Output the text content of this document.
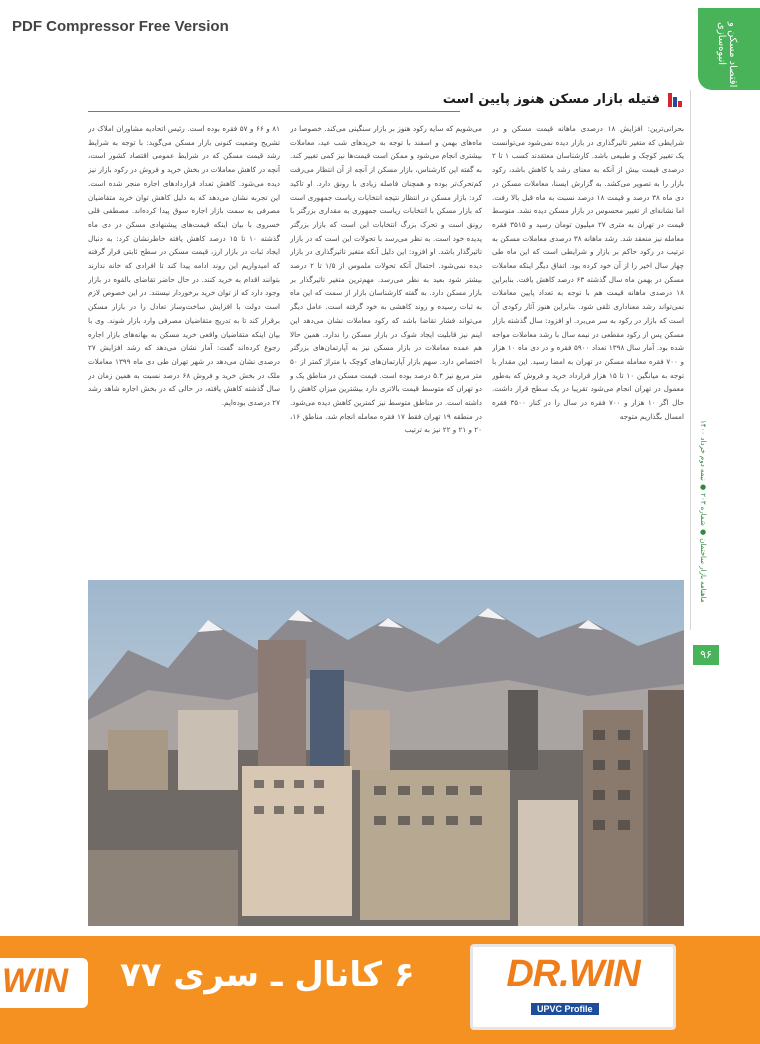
PDF Compressor Free Version	اقتصاد مسکن و انبوه‌سازی
ماهنامه بازار ساختمان ● شماره ۲۰۳ ● نیمه دوم خرداد ۱۴۰۰
۹۶
فتیله بازار مسکن هنوز پایین است

بحرانی‌ترین: افزایش ۱۸ درصدی ماهانه قیمت مسکن و در شرایطی که متغیر تاثیرگذاری در بازار دیده نمی‌شود می‌توانست یک تغییر کوچک و طبیعی باشد. کارشناسان معتقدند کسب ۱ تا ۲ درصدی قیمت بیش از آنکه به معنای رشد یا کاهش باشد، رکود بازار را به تصویر می‌کشد. به گزارش ایسنا، معاملات مسکن در دی ماه ۳۸ درصد و قیمت ۱۸ درصد نسبت به ماه قبل بالا رفت. اما نشانه‌ای از تغییر محسوس در بازار مسکن دیده نشد. متوسط قیمت در تهران به متری ۲۷ میلیون تومان رسید و ۳۵۱۵ فقره معامله نیز منعقد شد. رشد ماهانه ۳۸ درصدی معاملات مسکن به ترتیب در رکود حاکم بر بازار و شرایطی است که این ماه طی چهار سال اخیر را از آن خود کرده بود. اتفاق دیگر اینکه معاملات مسکن در بهمن ماه سال گذشته ۶۳ درصد کاهش یافت. بنابراین ۱۸ درصدی ماهانه قیمت هم با توجه به تعداد پایین معاملات نمی‌تواند رشد معناداری تلقی شود. بنابراین هنوز آثار رکودی آن است که بازار در رکود به سر می‌برد. او افزود: سال گذشته بازار مسکن پس از رکود مقطعی در نیمه سال با رشد معاملات مواجه شده بود. آمار سال ۱۳۹۸ تعداد ۵۹۰۰ فقره و در دی ماه ۱۰ هزار و ۷۰۰ فقره معامله مسکن در تهران به امضا رسید. این مقدار با توجه به میانگین ۱۰ تا ۱۵ هزار قرارداد خرید و فروش که به‌طور معمول در تهران انجام می‌شود تقریبا در یک سطح قرار داشت. حال اگر ۱۰ هزار و ۷۰۰ فقره در سال را در کنار ۳۵۰۰ فقره امسال بگذاریم متوجه

می‌شویم که سایه رکود هنوز بر بازار سنگینی می‌کند. خصوصا در ماه‌های بهمن و اسفند با توجه به خریدهای شب عید، معاملات بیشتری انجام می‌شود و ممکن است قیمت‌ها نیز کمی تغییر کند. به گفته این کارشناس، بازار مسکن از آنچه از آن انتظار می‌رفت کم‌تحرک‌تر بوده و همچنان فاصله زیادی با رونق دارد. او تاکید کرد: بازار مسکن در انتظار نتیجه انتخابات ریاست جمهوری است که بازار مسکن با انتخابات ریاست جمهوری به مقداری بزرگتر با رونق است و تحرک بزرگ انتخابات این است که بازار بزرگتر پدیده خود است. به نظر می‌رسد با تحولات این است که در بازار تاثیرگذار باشد. او افزود: این دلیل آنکه متغیر تاثیرگذاری در بازار دیده نمی‌شود. احتمال آنکه تحولات ملموس از ۱/۵ تا ۲ درصد بیشتر شود بعید به نظر می‌رسد. مهم‌ترین متغیر تاثیرگذار بر بازار مسکن دارد. به گفته کارشناسان بازار از سمت که این ماه به ثبات رسیده و روند کاهشی به خود گرفته است. عامل دیگر می‌تواند فشار تقاضا باشد که رکود معاملات نشان می‌دهد این اینم نیز قابلیت ایجاد شوک در بازار مسکن را ندارد. همین حالا هم عمده معاملات در بازار مسکن نیز به آپارتمان‌های بزرگتر اختصاص دارد. سهم بازار آپارتمان‌های کوچک با متراژ کمتر از ۵۰ متر مربع نیز ۵.۴ درصد بوده است. قیمت مسکن در مناطق یک و دو تهران که متوسط قیمت بالاتری دارد بیشترین میزان کاهش را داشته است. در مناطق متوسط نیز کمترین کاهش دیده می‌شود. در منطقه ۱۹ تهران فقط ۱۷ فقره معامله انجام شد. مناطق ۱۶، ۲۰ و ۲۱ و ۲۲ نیز به ترتیب

۸۱ و ۶۶ و ۵۷ فقره بوده است. رئیس اتحادیه مشاوران املاک در تشریح وضعیت کنونی بازار مسکن می‌گوید: با توجه به شرایط رشد قیمت مسکن که در شرایط عمومی اقتصاد کشور است، آنچه در کاهش معاملات در بخش خرید و فروش در رکود بازار نیز دیده می‌شود. کاهش تعداد قراردادهای اجاره منجر شده است. این تجربه نشان می‌دهد که به دلیل کاهش توان خرید متقاضیان مصرفی به سمت بازار اجاره سوق پیدا کرده‌اند. مصطفی قلی خسروی با بیان اینکه قیمت‌های پیشنهادی مسکن در دی ماه گذشته ۱۰ تا ۱۵ درصد کاهش یافته خاطرنشان کرد: به دنبال ایجاد ثبات در بازار ارز، قیمت مسکن در سطح ثابتی قرار گرفته که امیدواریم این روند ادامه پیدا کند تا افرادی که خانه ندارند بتوانند اقدام به خرید کنند. در حال حاضر تقاضای بالقوه در بازار وجود دارد که از توان خرید برخوردار نیستند. در این خصوص لازم است دولت با افزایش ساخت‌وساز تعادل را در بازار مسکن برقرار کند تا به تدریج متقاضیان مصرفی وارد بازار شوند. وی با بیان اینکه متقاضیان واقعی خرید مسکن به بهانه‌های بازار اجاره رجوع کرده‌اند گفت: آمار نشان می‌دهد که رشد افزایش ۲۷ درصدی نشان می‌دهد در شهر تهران طی دی ماه ۱۳۹۹ معاملات ملک در بخش خرید و فروش ۶۸ درصد نسبت به همین زمان در سال گذشته کاهش یافته، در حالی که در بخش اجاره شاهد رشد ۲۷ درصدی بوده‌ایم.

WIN ۶ کانال ـ سری ۷۷	DR.WIN
UPVC Profile
